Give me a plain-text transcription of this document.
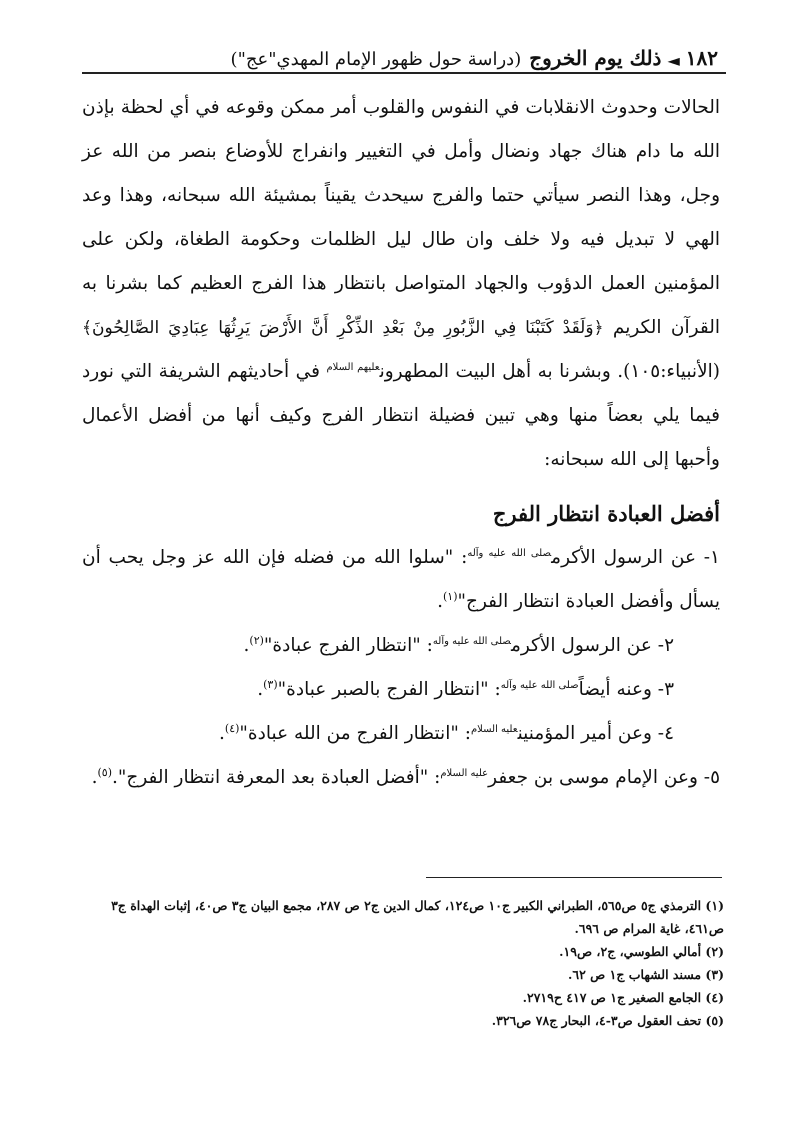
١٨٢
◄
ذلك يوم الخروج
(دراسة حول ظهور الإمام المهدي"عج")

الحالات وحدوث الانقلابات في النفوس والقلوب أمر ممكن وقوعه في أي لحظة بإذن الله ما دام هناك جهاد ونضال وأمل في التغيير وانفراج للأوضاع بنصر من الله عز وجل، وهذا النصر سيأتي حتما والفرج سيحدث يقيناً بمشيئة الله سبحانه، وهذا وعد الهي لا تبديل فيه ولا خلف وان طال ليل الظلمات وحكومة الطغاة، ولكن على المؤمنين العمل الدؤوب والجهاد المتواصل بانتظار هذا الفرج العظيم كما بشرنا به القرآن الكريم ﴿وَلَقَدْ كَتَبْنَا فِي الزَّبُورِ مِنْ بَعْدِ الذِّكْرِ أَنَّ الأَرْضَ يَرِثُهَا عِبَادِيَ الصَّالِحُونَ﴾(الأنبياء:١٠٥). وبشرنا به أهل البيت المطهرون$^{عليهم السلام}$ في أحاديثهم الشريفة التي نورد فيما يلي بعضاً منها وهي تبين فضيلة انتظار الفرج وكيف أنها من أفضل الأعمال وأحبها إلى الله سبحانه:

أفضل العبادة انتظار الفرج

١- عن الرسول الأكرم$^{صلى الله عليه وآله}$: "سلوا الله من فضله فإن الله عز وجل يحب أن يسأل وأفضل العبادة انتظار الفرج"$^{(١)}$.

٢- عن الرسول الأكرم$^{صلى الله عليه وآله}$: "انتظار الفرج عبادة"$^{(٢)}$.

٣- وعنه أيضاً$^{صلى الله عليه وآله}$: "انتظار الفرج بالصبر عبادة"$^{(٣)}$.

٤- وعن أمير المؤمنين$^{عليه السلام}$: "انتظار الفرج من الله عبادة"$^{(٤)}$.

٥- وعن الإمام موسى بن جعفر$^{عليه السلام}$: "أفضل العبادة بعد المعرفة انتظار الفرج".$^{(٥)}$.

(١) الترمذي ج٥ ص٥٦٥، الطبراني الكبير ج١٠ ص١٢٤، كمال الدين ج٢ ص ٢٨٧، مجمع البيان ج٣ ص٤٠، إثبات الهداة ج٣ ص٤٦١، غاية المرام ص ٦٩٦.

(٢) أمالي الطوسي، ج٢، ص١٩.

(٣) مسند الشهاب ج١ ص ٦٢.

(٤) الجامع الصغير ج١ ص ٤١٧ ح٢٧١٩.

(٥) تحف العقول ص٣-٤، البحار ج٧٨ ص٣٢٦.
